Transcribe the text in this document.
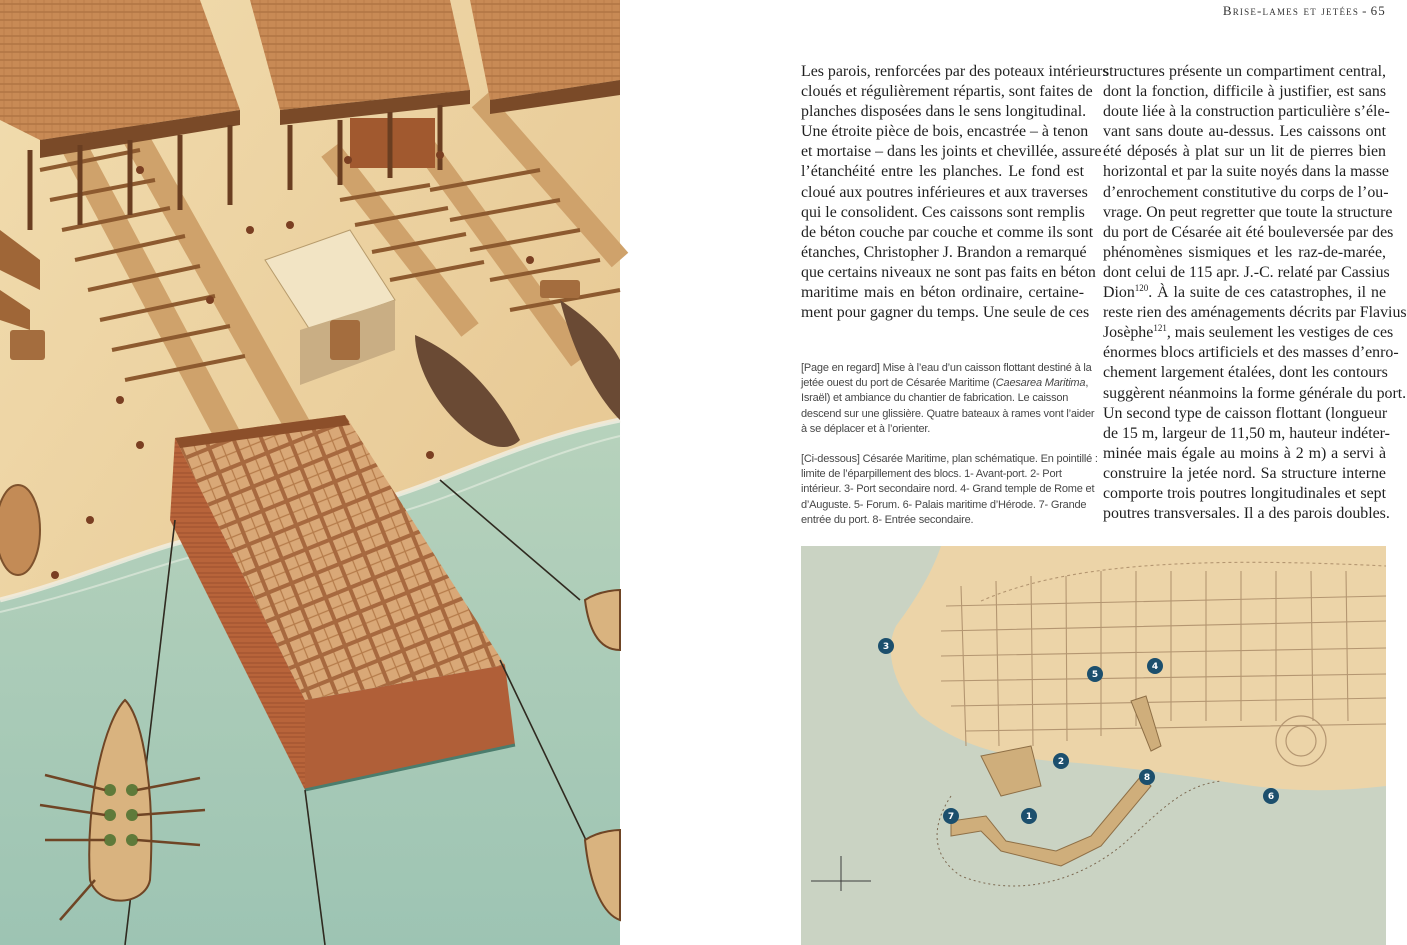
Brise-lames et jetées - 65
Les parois, renforcées par des poteaux intérieurs
cloués et régulièrement répartis, sont faites de
planches disposées dans le sens longitudinal.
Une étroite pièce de bois, encastrée – à tenon
et mortaise – dans les joints et chevillée, assure
l’étanchéité entre les planches. Le fond est
cloué aux poutres inférieures et aux traverses
qui le consolident. Ces caissons sont remplis
de béton couche par couche et comme ils sont
étanches, Christopher J. Brandon a remarqué
que certains niveaux ne sont pas faits en béton
maritime mais en béton ordinaire, certaine-
ment pour gagner du temps. Une seule de ces
structures présente un compartiment central,
dont la fonction, difficile à justifier, est sans
doute liée à la construction particulière s’éle-
vant sans doute au-dessus. Les caissons ont
été déposés à plat sur un lit de pierres bien
horizontal et par la suite noyés dans la masse
d’enrochement constitutive du corps de l’ou-
vrage. On peut regretter que toute la structure
du port de Césarée ait été bouleversée par des
phénomènes sismiques et les raz-de-marée,
dont celui de 115 apr. J.-C. relaté par Cassius
Dion$^{120}$. À la suite de ces catastrophes, il ne
reste rien des aménagements décrits par Flavius
Josèphe$^{121}$, mais seulement les vestiges de ces
énormes blocs artificiels et des masses d’enro-
chement largement étalées, dont les contours
suggèrent néanmoins la forme générale du port.
Un second type de caisson flottant (longueur
de 15 m, largeur de 11,50 m, hauteur indéter-
minée mais égale au moins à 2 m) a servi à
construire la jetée nord. Sa structure interne
comporte trois poutres longitudinales et sept
poutres transversales. Il a des parois doubles.
[Page en regard] Mise à l’eau d’un caisson flottant destiné à la
jetée ouest du port de Césarée Maritime (Caesarea Maritima,
Israël) et ambiance du chantier de fabrication. Le caisson
descend sur une glissière. Quatre bateaux à rames vont l’aider
à se déplacer et à l’orienter.
[Ci-dessous] Césarée Maritime, plan schématique. En pointillé :
limite de l’éparpillement des blocs. 1- Avant-port. 2- Port
intérieur. 3- Port secondaire nord. 4- Grand temple de Rome et
d’Auguste. 5- Forum. 6- Palais maritime d’Hérode. 7- Grande
entrée du port. 8- Entrée secondaire.
1
2
3
4
5
6
7
8
